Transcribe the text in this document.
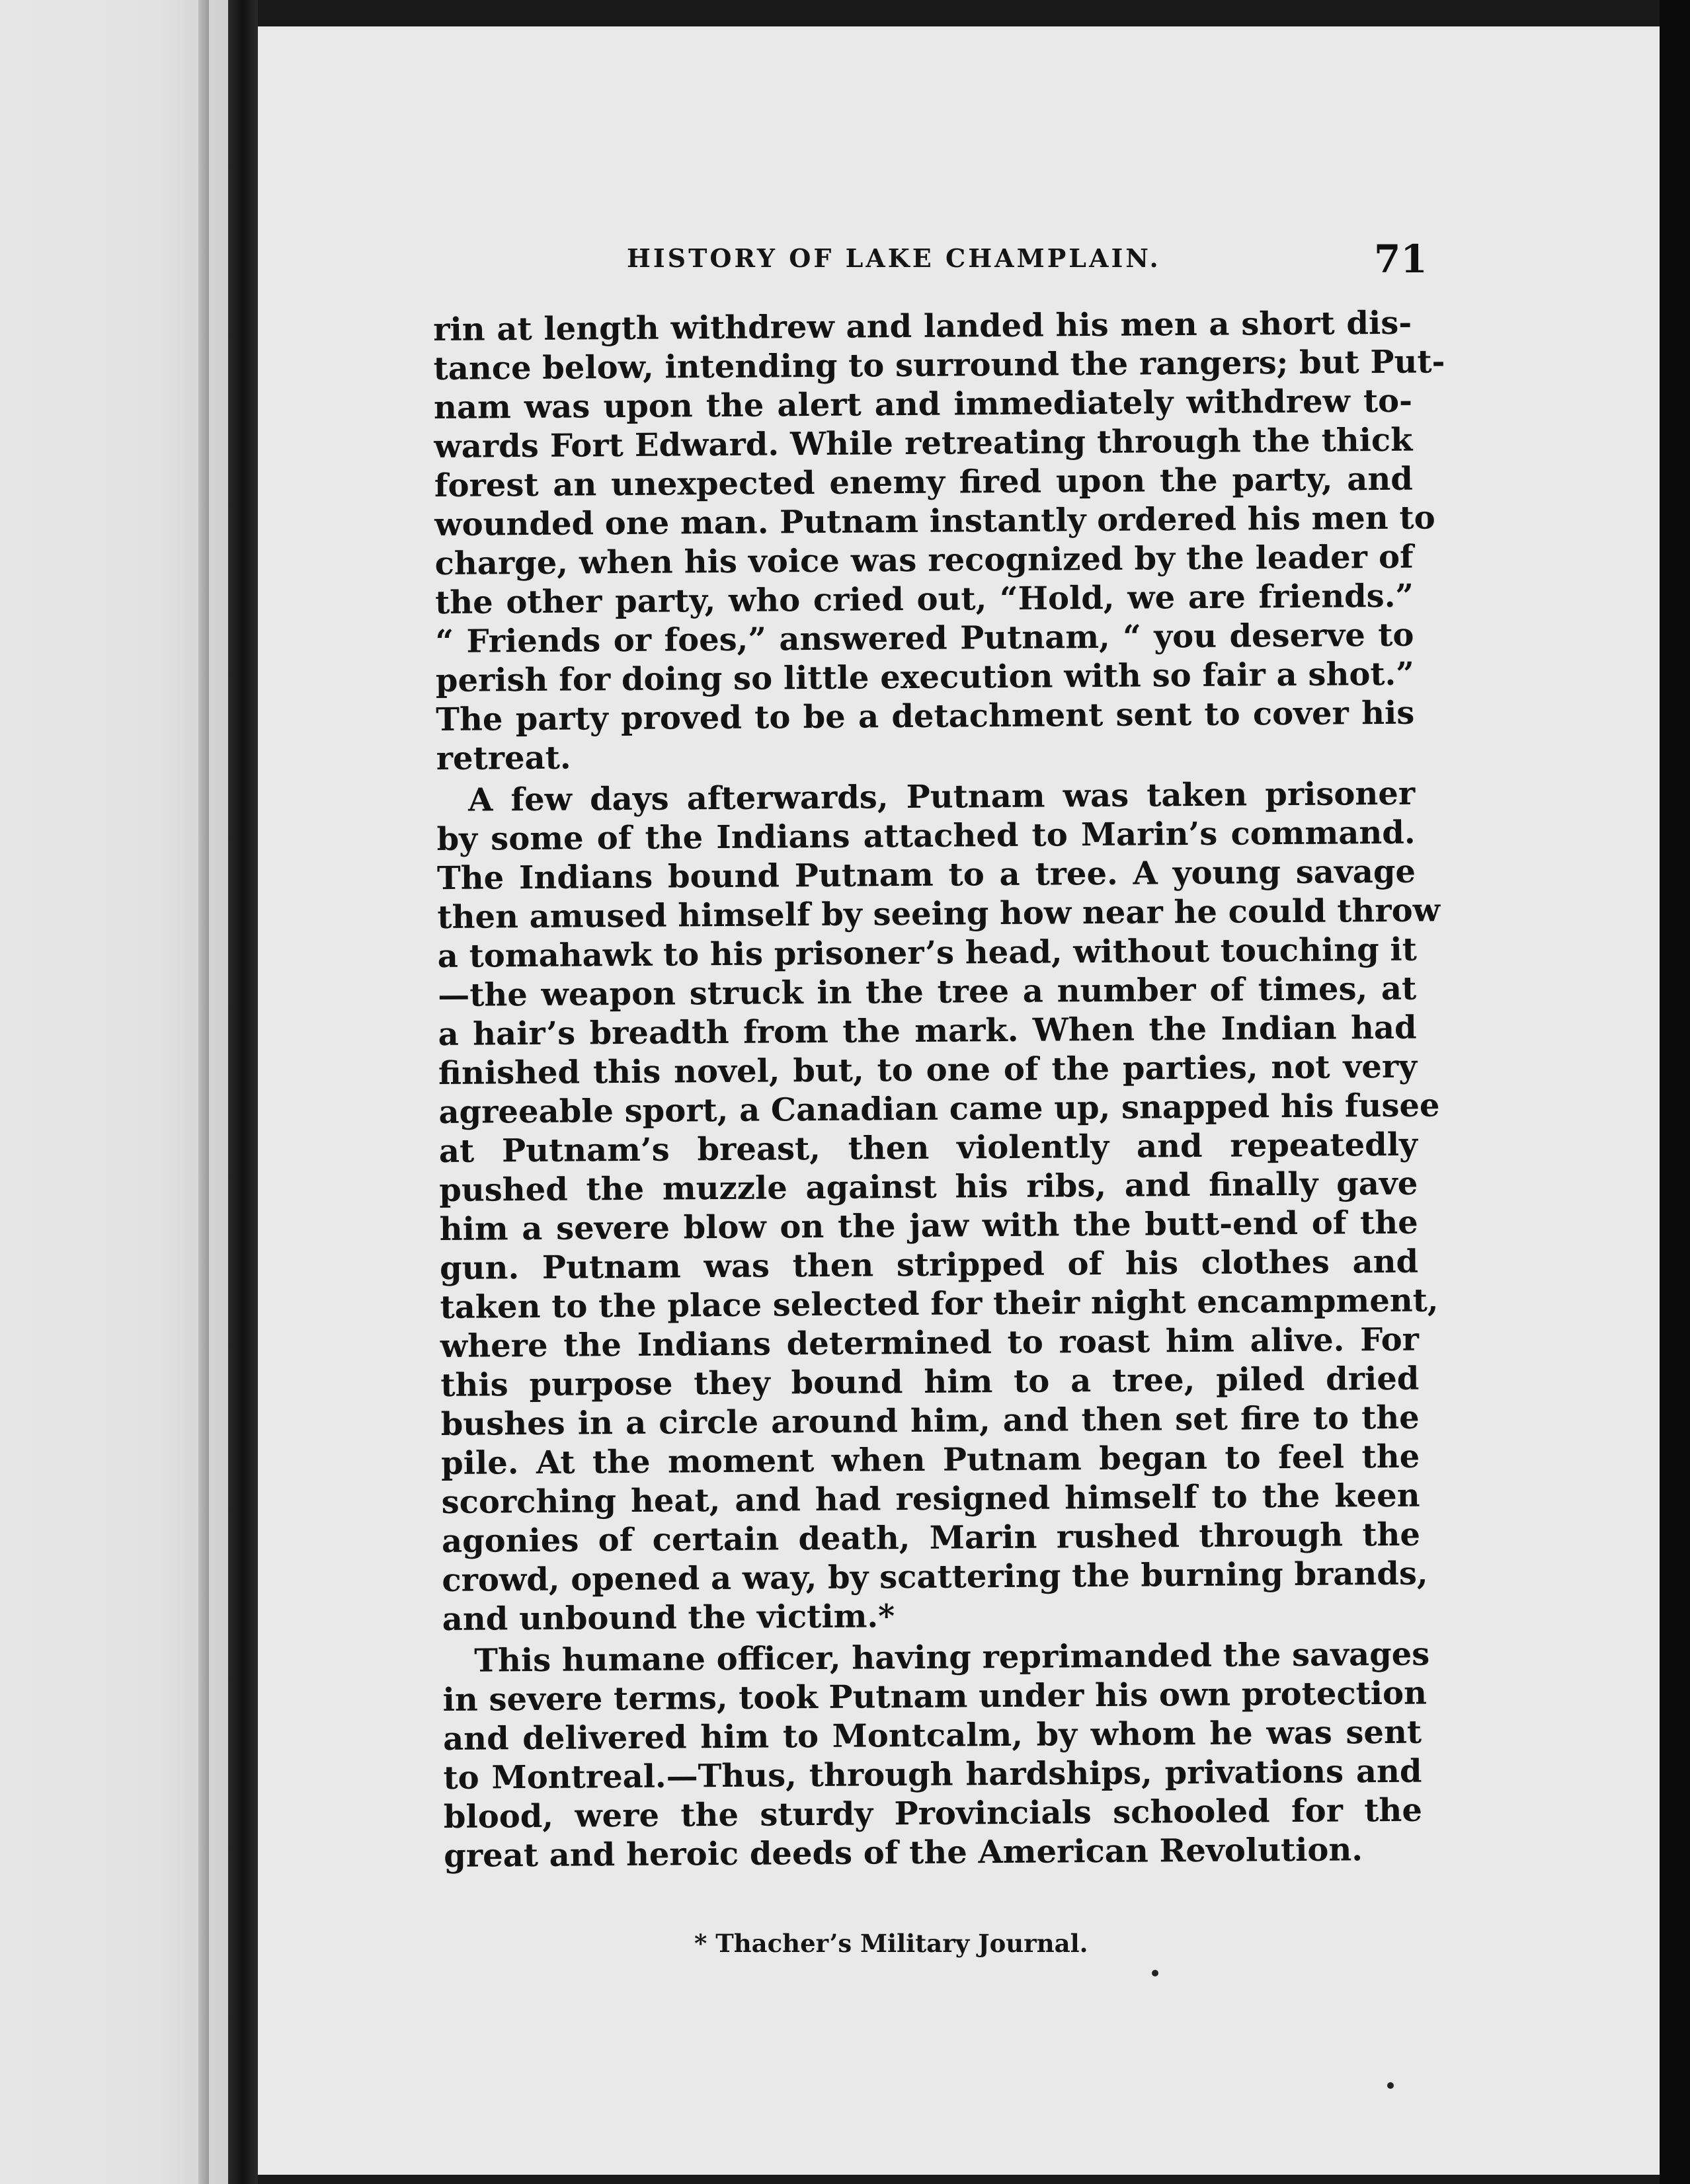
HISTORY OF LAKE CHAMPLAIN.	71
rin at length withdrew and landed his men a short dis-
tance below, intending to surround the rangers; but Put-
nam was upon the alert and immediately withdrew to-
wards Fort Edward. While retreating through the thick
forest an unexpected enemy fired upon the party, and
wounded one man. Putnam instantly ordered his men to
charge, when his voice was recognized by the leader of
the other party, who cried out, “Hold, we are friends.”
“ Friends or foes,” answered Putnam, “ you deserve to
perish for doing so little execution with so fair a shot.”
The party proved to be a detachment sent to cover his
retreat.
A few days afterwards, Putnam was taken prisoner
by some of the Indians attached to Marin’s command.
The Indians bound Putnam to a tree. A young savage
then amused himself by seeing how near he could throw
a tomahawk to his prisoner’s head, without touching it
—the weapon struck in the tree a number of times, at
a hair’s breadth from the mark. When the Indian had
finished this novel, but, to one of the parties, not very
agreeable sport, a Canadian came up, snapped his fusee
at Putnam’s breast, then violently and repeatedly
pushed the muzzle against his ribs, and finally gave
him a severe blow on the jaw with the butt-end of the
gun. Putnam was then stripped of his clothes and
taken to the place selected for their night encampment,
where the Indians determined to roast him alive. For
this purpose they bound him to a tree, piled dried
bushes in a circle around him, and then set fire to the
pile. At the moment when Putnam began to feel the
scorching heat, and had resigned himself to the keen
agonies of certain death, Marin rushed through the
crowd, opened a way, by scattering the burning brands,
and unbound the victim.*
This humane officer, having reprimanded the savages
in severe terms, took Putnam under his own protection
and delivered him to Montcalm, by whom he was sent
to Montreal.—Thus, through hardships, privations and
blood, were the sturdy Provincials schooled for the
great and heroic deeds of the American Revolution.
* Thacher’s Military Journal.
